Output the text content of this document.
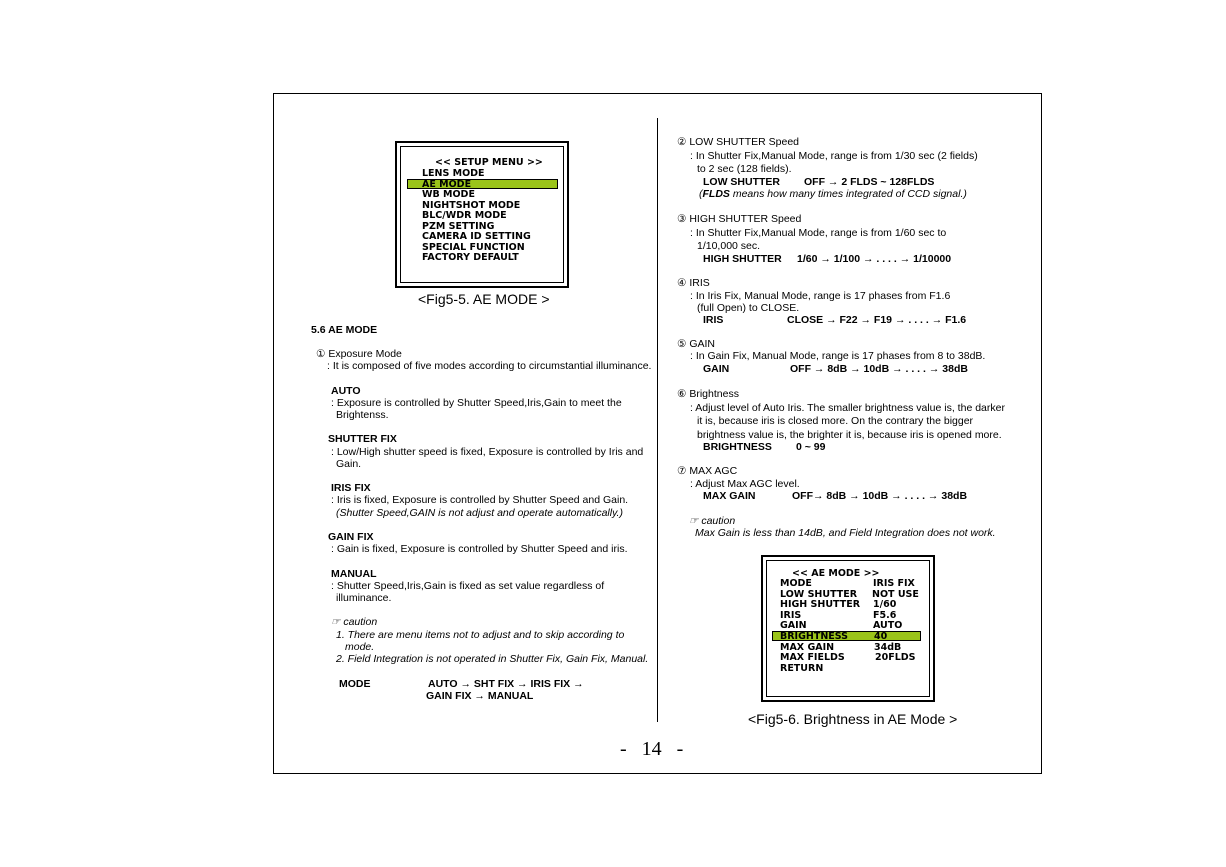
<< SETUP MENU >>
LENS MODE
AE MODE
WB MODE
NIGHTSHOT MODE
BLC/WDR MODE
PZM SETTING
CAMERA ID SETTING
SPECIAL FUNCTION
FACTORY DEFAULT
<Fig5-5. AE MODE >
5.6 AE MODE
① Exposure Mode
: It is composed of five modes according to circumstantial illuminance.
AUTO
: Exposure is controlled by Shutter Speed,Iris,Gain to meet the
Brightenss.
SHUTTER FIX
: Low/High shutter speed is fixed, Exposure is controlled by Iris and
Gain.
IRIS FIX
: Iris is fixed, Exposure is controlled by Shutter Speed and Gain.
(Shutter Speed,GAIN is not adjust and operate automatically.)
GAIN FIX
: Gain is fixed, Exposure is controlled by Shutter Speed and iris.
MANUAL
: Shutter Speed,Iris,Gain is fixed as set value regardless of
illuminance.
☞ caution
1. There are menu items not to adjust and to skip according to
mode.
2. Field Integration is not operated in Shutter Fix, Gain Fix, Manual.
MODE	AUTO → SHT FIX → IRIS FIX →
GAIN FIX → MANUAL
② LOW SHUTTER Speed
: In Shutter Fix,Manual Mode, range is from 1/30 sec (2 fields)
to 2 sec (128 fields).
LOW SHUTTER OFF → 2 FLDS ~ 128FLDS
(FLDS means how many times integrated of CCD signal.)
③ HIGH SHUTTER Speed
: In Shutter Fix,Manual Mode, range is from 1/60 sec to
1/10,000 sec.
HIGH SHUTTER 1/60 → 1/100 → . . . . → 1/10000
④ IRIS
: In Iris Fix, Manual Mode, range is 17 phases from F1.6
(full Open) to CLOSE.
IRIS	CLOSE → F22 → F19 → . . . . → F1.6
⑤ GAIN
: In Gain Fix, Manual Mode, range is 17 phases from 8 to 38dB.
GAIN	OFF → 8dB → 10dB → . . . . → 38dB
⑥ Brightness
: Adjust level of Auto Iris. The smaller brightness value is, the darker
it is, because iris is closed more. On the contrary the bigger
brightness value is, the brighter it is, because iris is opened more.
BRIGHTNESS 0 ~ 99
⑦ MAX AGC
: Adjust Max AGC level.
MAX GAIN	OFF→ 8dB → 10dB → . . . . → 38dB
☞ caution
Max Gain is less than 14dB, and Field Integration does not work.
<< AE MODE >>
MODE	IRIS FIX
LOW SHUTTER NOT USE
HIGH SHUTTER 1/60
IRIS	F5.6
GAIN	AUTO
BRIGHTNESS	40
MAX GAIN	34dB
MAX FIELDS	20FLDS
RETURN
<Fig5-6. Brightness in AE Mode >
-   14   -
